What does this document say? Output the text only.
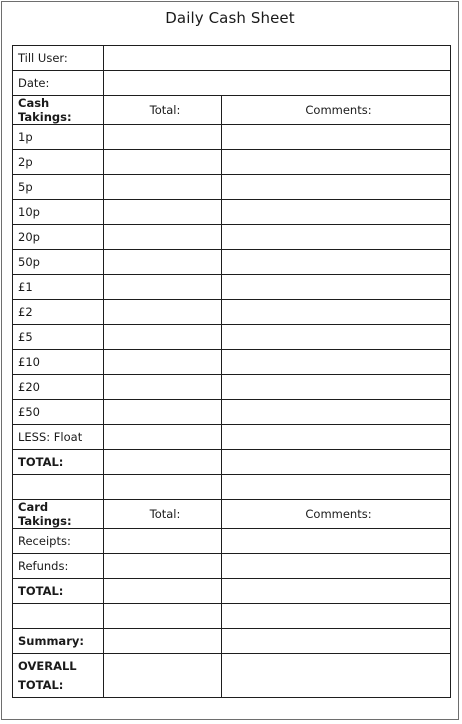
Daily Cash Sheet
Till User:		
Date:		
Cash Takings:	Total:	Comments:
1p		
2p		
5p		
10p		
20p		
50p		
£1		
£2		
£5		
£10		
£20		
£50		
LESS: Float		
TOTAL:		

Card Takings:	Total:	Comments:
Receipts:		
Refunds:		
TOTAL:		

Summary:		
OVERALL
TOTAL:		
